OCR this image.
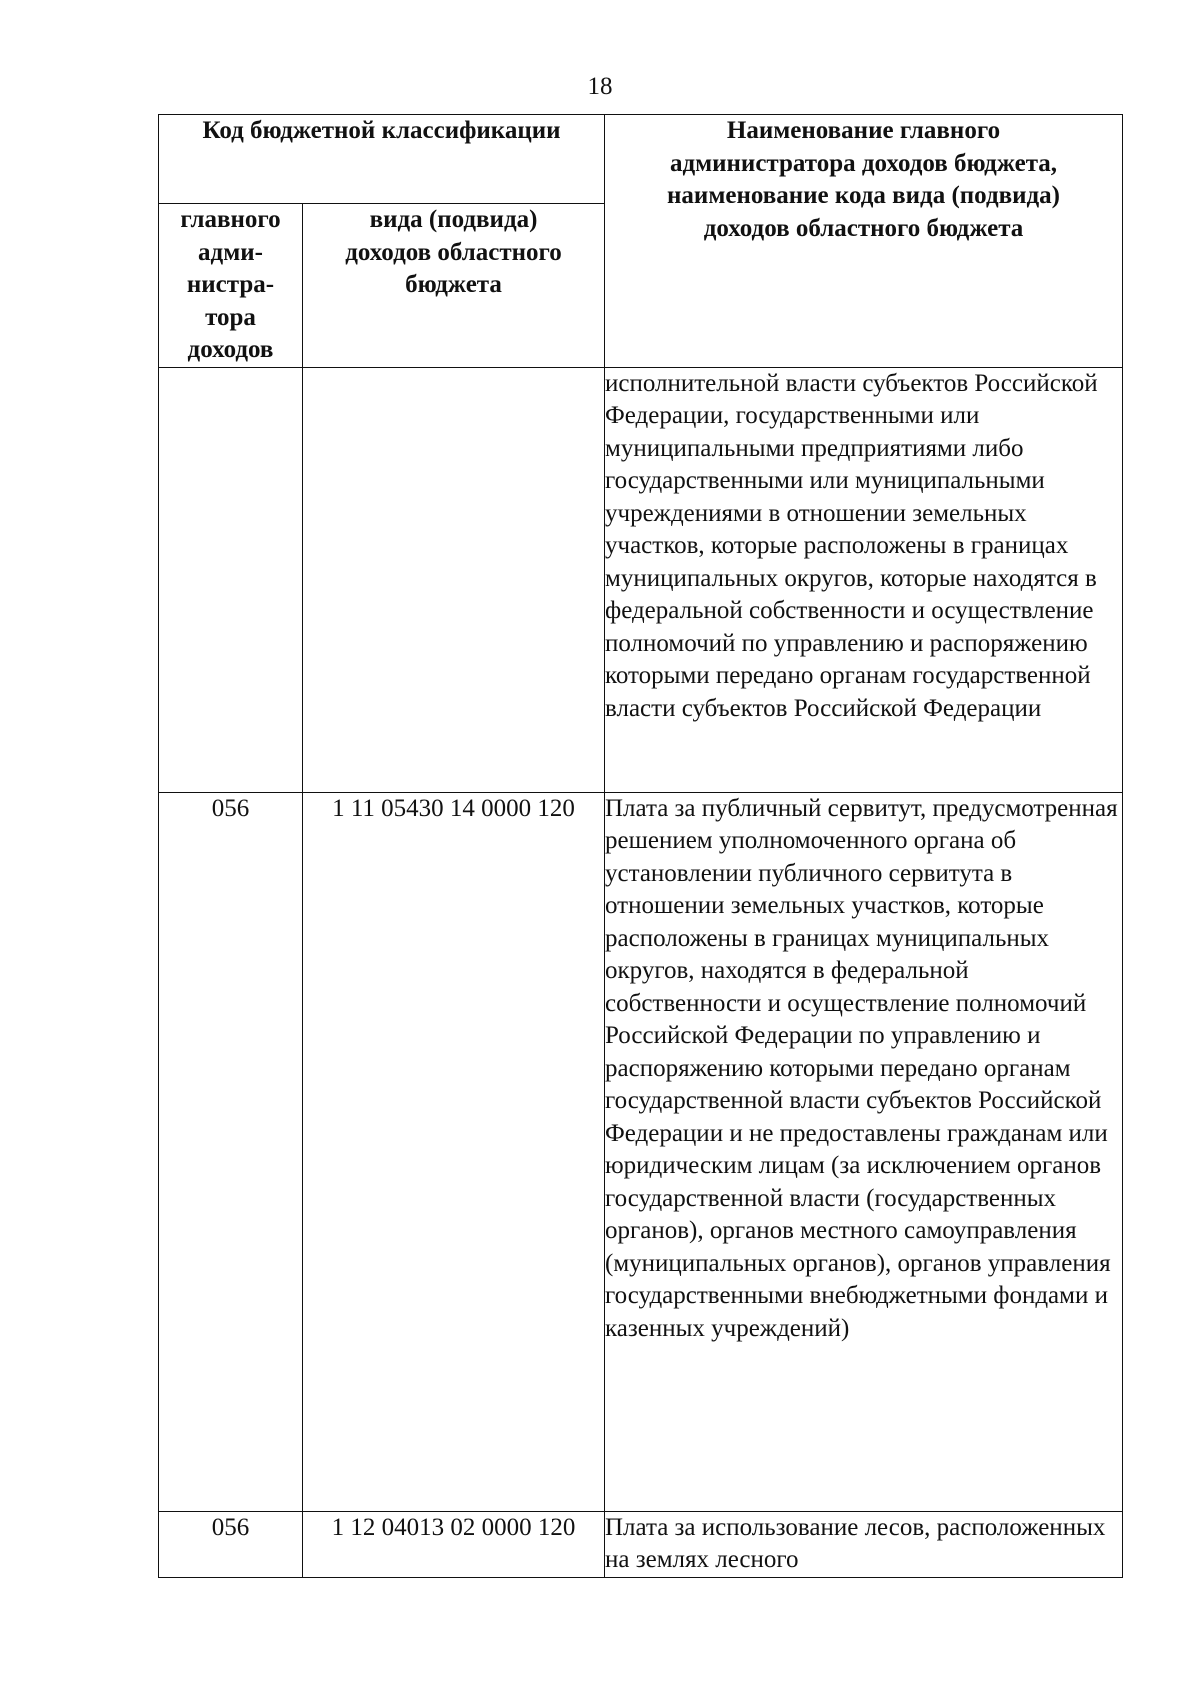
18
Код бюджетной классификации		Наименование главного
администратора доходов бюджета,
наименование кода вида (подвида)
доходов областного бюджета
главного
адми-
нистра-
тора
доходов	вида (подвида)
доходов областного
бюджета	
		исполнительной власти субъектов Российской Федерации, государственными или муниципальными предприятиями либо государственными или муниципальными учреждениями в отношении земельных участков, которые расположены в границах муниципальных округов, которые находятся в федеральной собственности и осуществление полномочий по управлению и распоряжению которыми передано органам государственной власти субъектов Российской Федерации
056	1 11 05430 14 0000 120	Плата за публичный сервитут, предусмотренная решением уполномоченного органа об установлении публичного сервитута в отношении земельных участков, которые расположены в границах муниципальных округов, находятся в федеральной собственности и осуществление полномочий Российской Федерации по управлению и распоряжению которыми передано органам государственной власти субъектов Российской Федерации и не предоставлены гражданам или юридическим лицам (за исключением органов государственной власти (государственных органов), органов местного самоуправления (муниципальных органов), органов управления государственными внебюджетными фондами и казенных учреждений)
056	1 12 04013 02 0000 120	Плата за использование лесов, расположенных на землях лесного
